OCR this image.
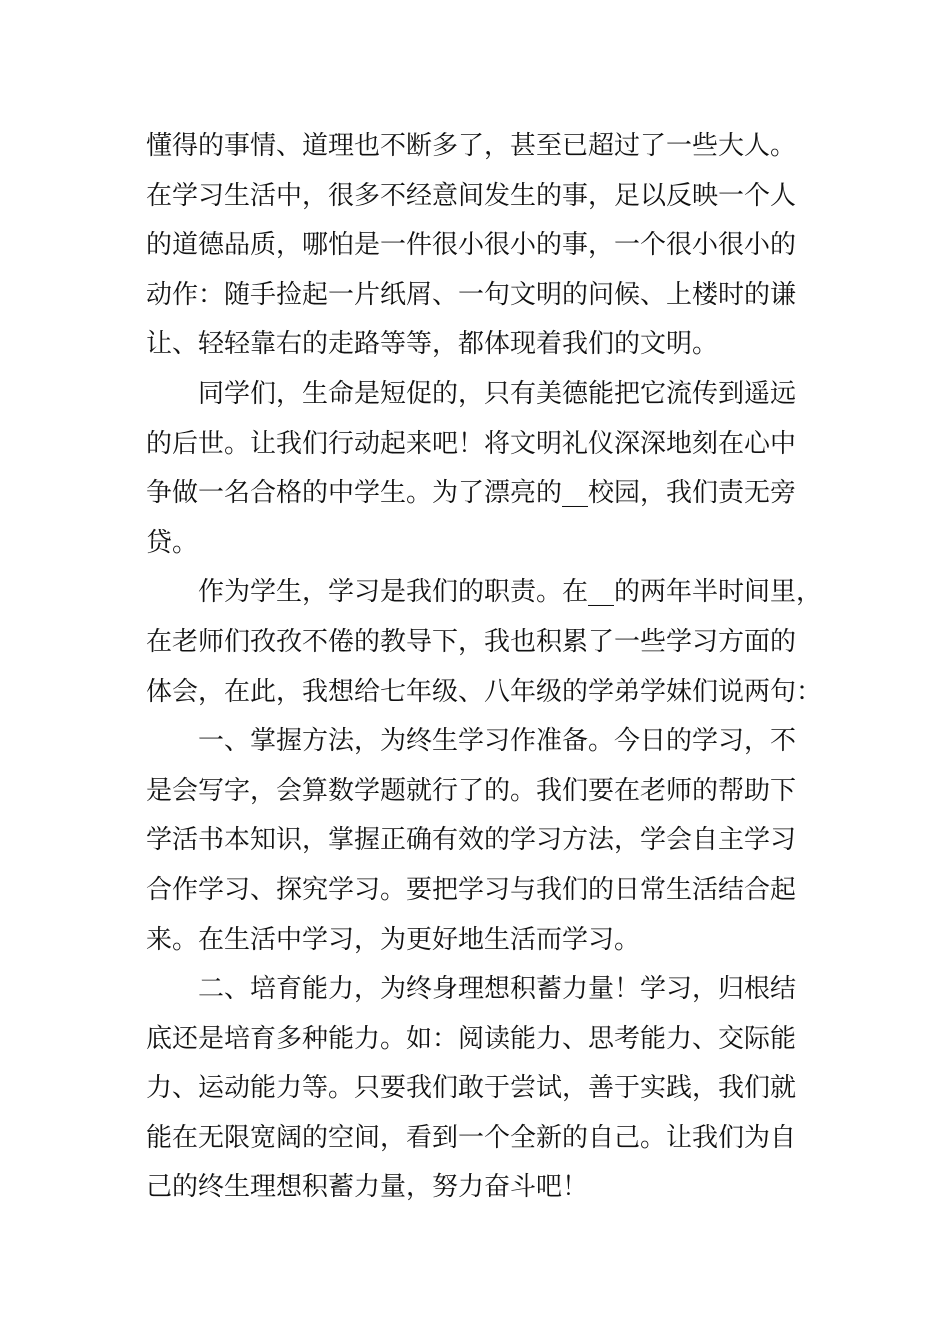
懂得的事情、道理也不断多了，甚至已超过了一些大人。
在学习生活中，很多不经意间发生的事，足以反映一个人
的道德品质，哪怕是一件很小很小的事，一个很小很小的
动作：随手捡起一片纸屑、一句文明的问候、上楼时的谦
让、轻轻靠右的走路等等，都体现着我们的文明。

同学们，生命是短促的，只有美德能把它流传到遥远
的后世。让我们行动起来吧！将文明礼仪深深地刻在心中
争做一名合格的中学生。为了漂亮的__校园，我们责无旁
贷。

作为学生，学习是我们的职责。在__的两年半时间里，
在老师们孜孜不倦的教导下，我也积累了一些学习方面的
体会，在此，我想给七年级、八年级的学弟学妹们说两句：

一、掌握方法，为终生学习作准备。今日的学习，不
是会写字，会算数学题就行了的。我们要在老师的帮助下
学活书本知识，掌握正确有效的学习方法，学会自主学习
合作学习、探究学习。要把学习与我们的日常生活结合起
来。在生活中学习，为更好地生活而学习。

二、培育能力，为终身理想积蓄力量！学习，归根结
底还是培育多种能力。如：阅读能力、思考能力、交际能
力、运动能力等。只要我们敢于尝试，善于实践，我们就
能在无限宽阔的空间，看到一个全新的自己。让我们为自
己的终生理想积蓄力量，努力奋斗吧！
